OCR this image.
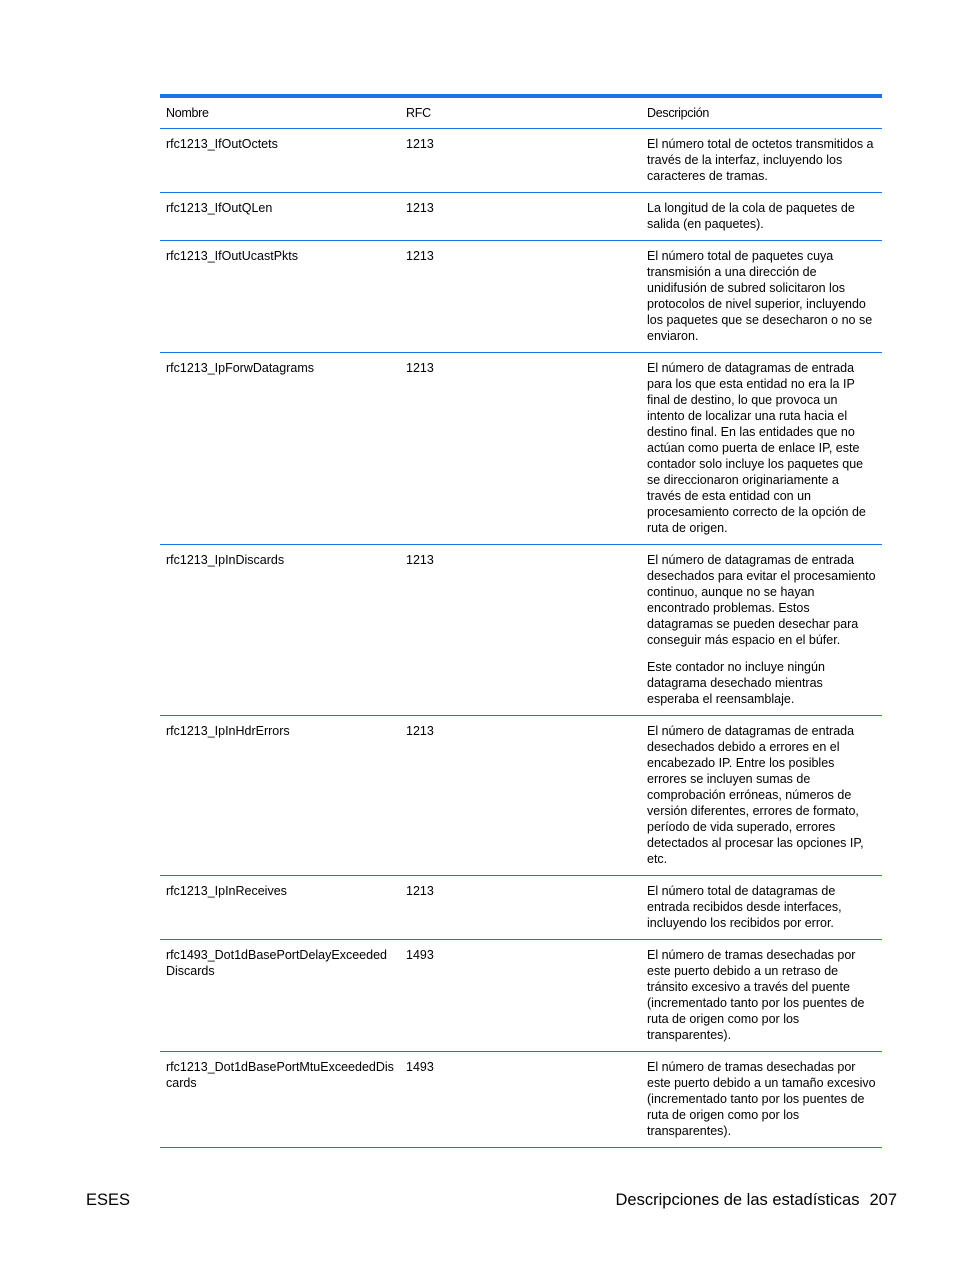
Nombre	RFC	Descripción
rfc1213_IfOutOctets	1213	El número total de octetos transmitidos a través de la interfaz, incluyendo los caracteres de tramas.

rfc1213_IfOutQLen	1213	La longitud de la cola de paquetes de salida (en paquetes).

rfc1213_IfOutUcastPkts	1213	El número total de paquetes cuya transmisión a una dirección de unidifusión de subred solicitaron los protocolos de nivel superior, incluyendo los paquetes que se desecharon o no se enviaron.

rfc1213_IpForwDatagrams	1213	El número de datagramas de entrada para los que esta entidad no era la IP final de destino, lo que provoca un intento de localizar una ruta hacia el destino final. En las entidades que no actúan como puerta de enlace IP, este contador solo incluye los paquetes que se direccionaron originariamente a través de esta entidad con un procesamiento correcto de la opción de ruta de origen.

rfc1213_IpInDiscards	1213	El número de datagramas de entrada desechados para evitar el procesamiento continuo, aunque no se hayan encontrado problemas. Estos datagramas se pueden desechar para conseguir más espacio en el búfer.

Este contador no incluye ningún datagrama desechado mientras esperaba el reensamblaje.

rfc1213_IpInHdrErrors	1213	El número de datagramas de entrada desechados debido a errores en el encabezado IP. Entre los posibles errores se incluyen sumas de comprobación erróneas, números de versión diferentes, errores de formato, período de vida superado, errores detectados al procesar las opciones IP, etc.

rfc1213_IpInReceives	1213	El número total de datagramas de entrada recibidos desde interfaces, incluyendo los recibidos por error.

rfc1493_Dot1dBasePortDelayExceededDiscards	1493	El número de tramas desechadas por este puerto debido a un retraso de tránsito excesivo a través del puente (incrementado tanto por los puentes de ruta de origen como por los transparentes).

rfc1213_Dot1dBasePortMtuExceededDiscards	1493	El número de tramas desechadas por este puerto debido a un tamaño excesivo (incrementado tanto por los puentes de ruta de origen como por los transparentes).

ESES	Descripciones de las estadísticas 207
